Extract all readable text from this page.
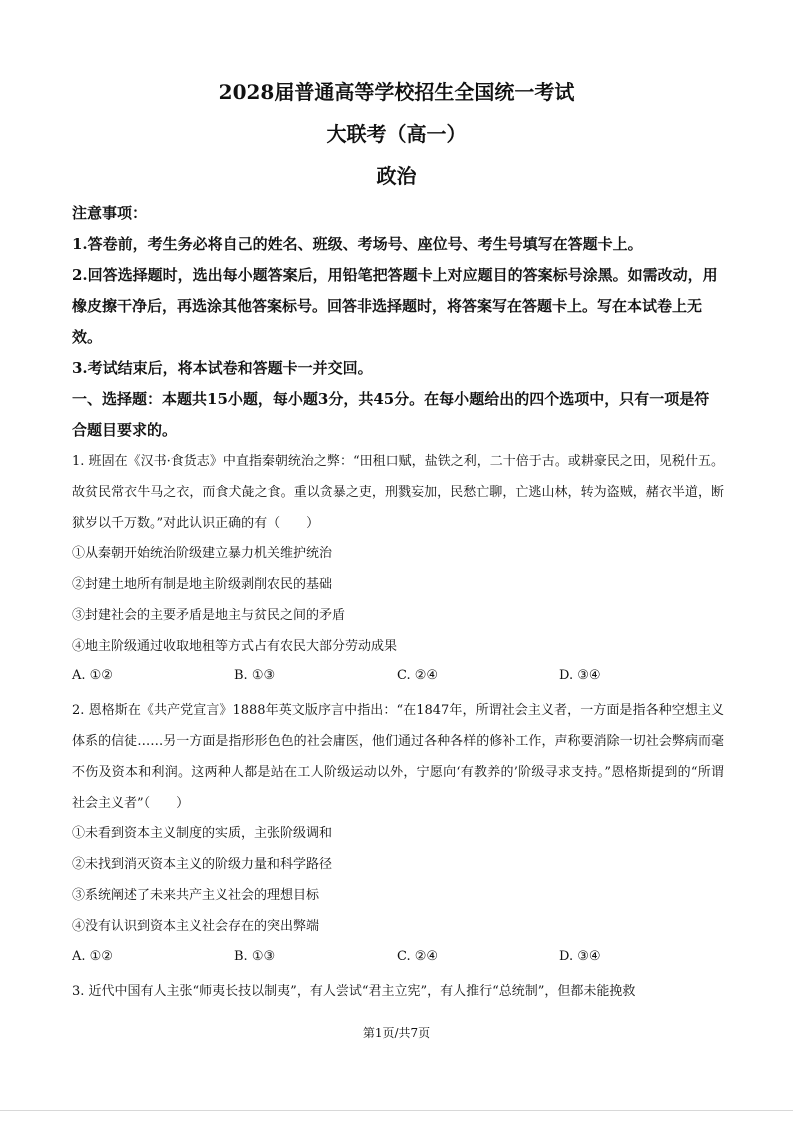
2028届普通高等学校招生全国统一考试
大联考（高一）
政治

注意事项：

1.答卷前，考生务必将自己的姓名、班级、考场号、座位号、考生号填写在答题卡上。

2.回答选择题时，选出每小题答案后，用铅笔把答题卡上对应题目的答案标号涂黑。如需改动，用橡皮擦干净后，再选涂其他答案标号。回答非选择题时，将答案写在答题卡上。写在本试卷上无效。

3.考试结束后，将本试卷和答题卡一并交回。

一、选择题：本题共15小题，每小题3分，共45分。在每小题给出的四个选项中，只有一项是符合题目要求的。

1. 班固在《汉书·食货志》中直指秦朝统治之弊：“田租口赋，盐铁之利，二十倍于古。或耕豪民之田，见税什五。故贫民常衣牛马之衣，而食犬彘之食。重以贪暴之吏，刑戮妄加，民愁亡聊，亡逃山林，转为盗贼，赭衣半道，断狱岁以千万数。”对此认识正确的有（　　）

①从秦朝开始统治阶级建立暴力机关维护统治

②封建土地所有制是地主阶级剥削农民的基础

③封建社会的主要矛盾是地主与贫民之间的矛盾

④地主阶级通过收取地租等方式占有农民大部分劳动成果

A. ①②	B. ①③	C. ②④	D. ③④

2. 恩格斯在《共产党宣言》1888年英文版序言中指出：“在1847年，所谓社会主义者，一方面是指各种空想主义体系的信徒……另一方面是指形形色色的社会庸医，他们通过各种各样的修补工作，声称要消除一切社会弊病而毫不伤及资本和利润。这两种人都是站在工人阶级运动以外，宁愿向‘有教养的’阶级寻求支持。”恩格斯提到的“所谓社会主义者”（　　）

①未看到资本主义制度的实质，主张阶级调和

②未找到消灭资本主义的阶级力量和科学路径

③系统阐述了未来共产主义社会的理想目标

④没有认识到资本主义社会存在的突出弊端

A. ①②	B. ①③	C. ②④	D. ③④

3. 近代中国有人主张“师夷长技以制夷”，有人尝试“君主立宪”，有人推行“总统制”，但都未能挽救

第1页/共7页
